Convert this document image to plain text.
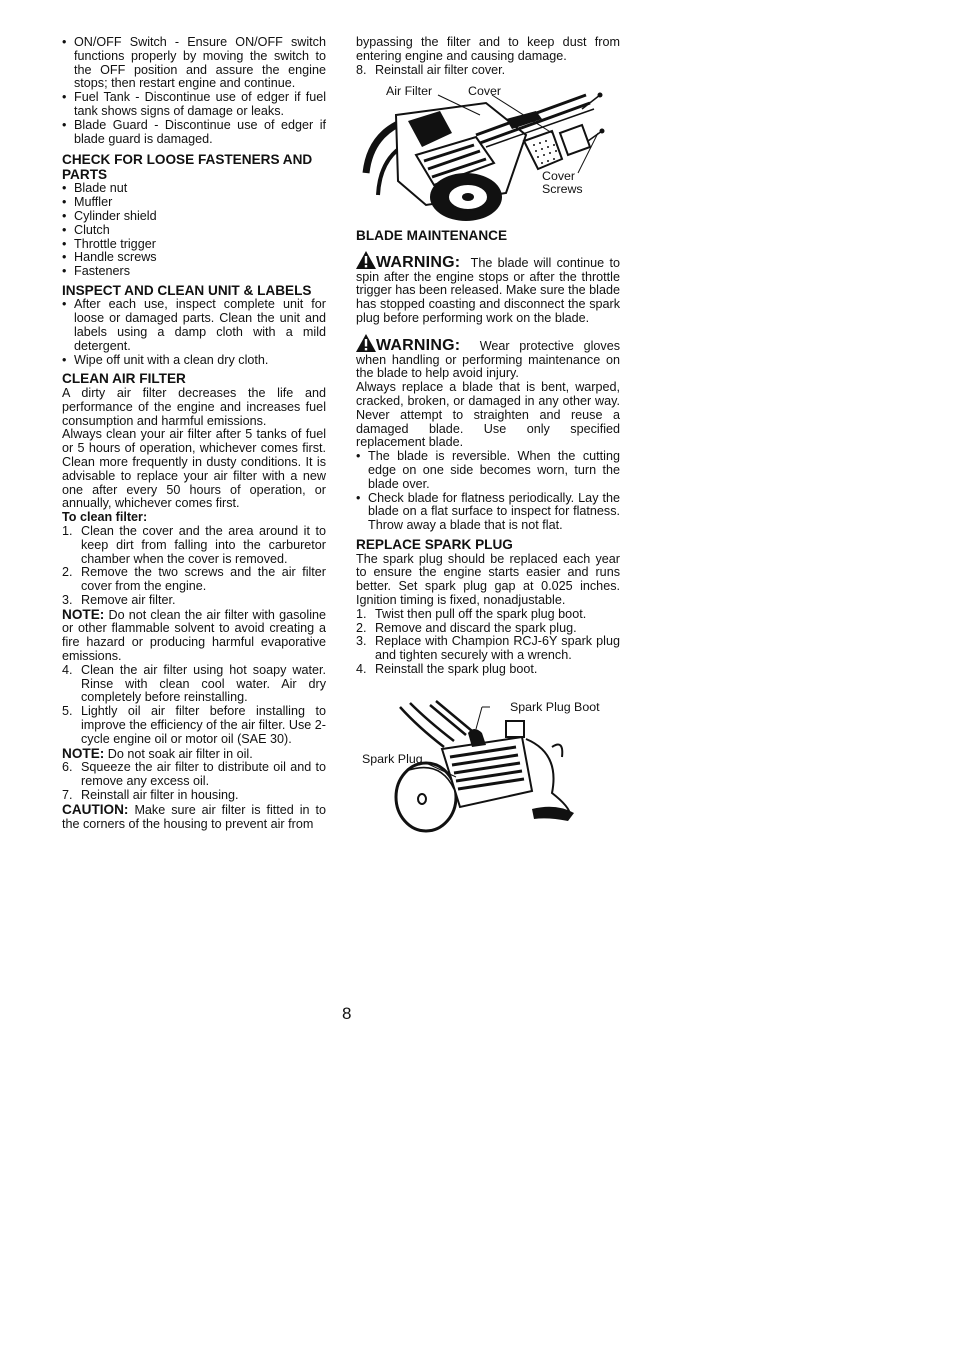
• ON/OFF Switch - Ensure ON/OFF switch functions properly by moving the switch to the OFF position and assure the engine stops; then restart engine and continue.
• Fuel Tank - Discontinue use of edger if fuel tank shows signs of damage or leaks.
• Blade Guard - Discontinue use of edger if blade guard is damaged.
CHECK FOR LOOSE FASTENERS AND PARTS
• Blade nut
• Muffler
• Cylinder shield
• Clutch
• Throttle trigger
• Handle screws
• Fasteners
INSPECT AND CLEAN UNIT & LABELS
• After each use, inspect complete unit for loose or damaged parts. Clean the unit and labels using a damp cloth with a mild detergent.
• Wipe off unit with a clean dry cloth.
CLEAN AIR FILTER

A dirty air filter decreases the life and performance of the engine and increases fuel consumption and harmful emissions.

Always clean your air filter after 5 tanks of fuel or 5 hours of operation, whichever comes first. Clean more frequently in dusty conditions. It is advisable to replace your air filter with a new one after every 50 hours of operation, or annually, whichever comes first.

To clean filter:

1. Clean the cover and the area around it to keep dirt from falling into the carburetor chamber when the cover is removed.
2. Remove the two screws and the air filter cover from the engine.
3. Remove air filter.

NOTE: Do not clean the air filter with gasoline or other flammable solvent to avoid creating a fire hazard or producing harmful evaporative emissions.

4. Clean the air filter using hot soapy water. Rinse with clean cool water. Air dry completely before reinstalling.
5. Lightly oil air filter before installing to improve the efficiency of the air filter. Use 2-cycle engine oil or motor oil (SAE 30).

NOTE: Do not soak air filter in oil.

6. Squeeze the air filter to distribute oil and to remove any excess oil.
7. Reinstall air filter in housing.

CAUTION: Make sure air filter is fitted in to the corners of the housing to prevent air from

bypassing the filter and to keep dust from entering engine and causing damage.

8. Reinstall air filter cover.
Air Filter	Cover
Cover
Screws
BLADE MAINTENANCE

WARNING: The blade will continue to spin after the engine stops or after the throttle trigger has been released. Make sure the blade has stopped coasting and disconnect the spark plug before performing work on the blade.

WARNING: Wear protective gloves when handling or performing maintenance on the blade to help avoid injury.

Always replace a blade that is bent, warped, cracked, broken, or damaged in any other way. Never attempt to straighten and reuse a damaged blade. Use only specified replacement blade.

• The blade is reversible. When the cutting edge on one side becomes worn, turn the blade over.
• Check blade for flatness periodically. Lay the blade on a flat surface to inspect for flatness. Throw away a blade that is not flat.
REPLACE SPARK PLUG

The spark plug should be replaced each year to ensure the engine starts easier and runs better. Set spark plug gap at 0.025 inches. Ignition timing is fixed, nonadjustable.

1. Twist then pull off the spark plug boot.
2. Remove and discard the spark plug.
3. Replace with Champion RCJ-6Y spark plug and tighten securely with a wrench.
4. Reinstall the spark plug boot.
Spark Plug Boot
Spark Plug
8
